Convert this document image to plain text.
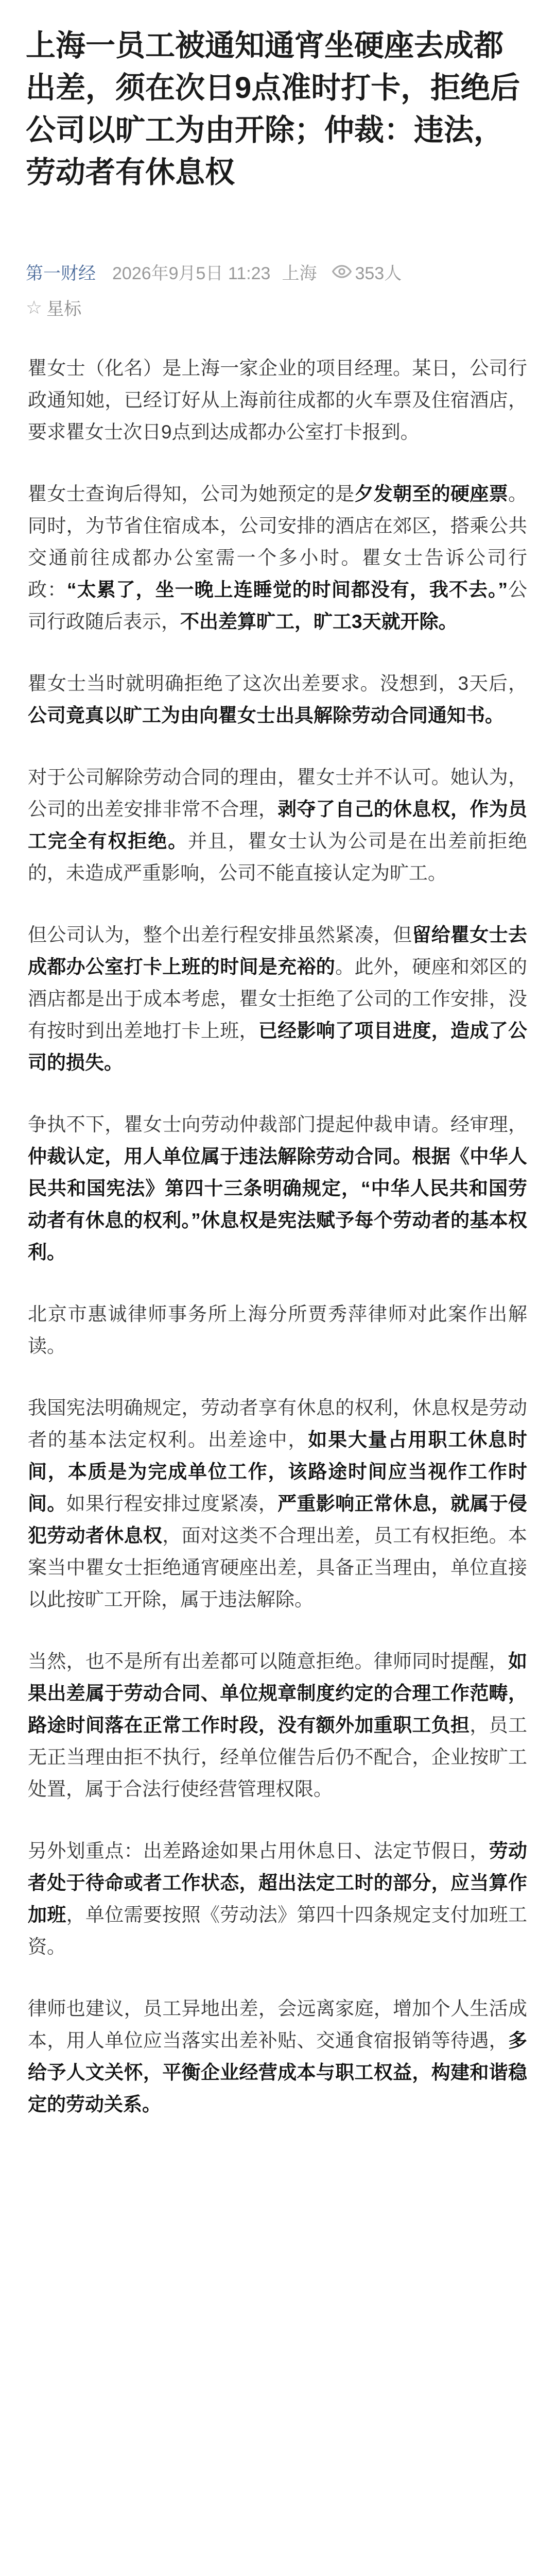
上海一员工被通知通宵坐硬座去成都出差，须在次日9点准时打卡，拒绝后公司以旷工为由开除；仲裁：违法，劳动者有休息权
第一财经 2026年9月5日 11:23 上海 353人
☆ 星标

瞿女士（化名）是上海一家企业的项目经理。某日，公司行政通知她，已经订好从上海前往成都的火车票及住宿酒店，要求瞿女士次日9点到达成都办公室打卡报到。

瞿女士查询后得知，公司为她预定的是夕发朝至的硬座票。同时，为节省住宿成本，公司安排的酒店在郊区，搭乘公共交通前往成都办公室需一个多小时。瞿女士告诉公司行政：“太累了，坐一晚上连睡觉的时间都没有，我不去。”公司行政随后表示，不出差算旷工，旷工3天就开除。

瞿女士当时就明确拒绝了这次出差要求。没想到，3天后，公司竟真以旷工为由向瞿女士出具解除劳动合同通知书。

对于公司解除劳动合同的理由，瞿女士并不认可。她认为，公司的出差安排非常不合理，剥夺了自己的休息权，作为员工完全有权拒绝。并且，瞿女士认为公司是在出差前拒绝的，未造成严重影响，公司不能直接认定为旷工。

但公司认为，整个出差行程安排虽然紧凑，但留给瞿女士去成都办公室打卡上班的时间是充裕的。此外，硬座和郊区的酒店都是出于成本考虑，瞿女士拒绝了公司的工作安排，没有按时到出差地打卡上班，已经影响了项目进度，造成了公司的损失。

争执不下，瞿女士向劳动仲裁部门提起仲裁申请。经审理，仲裁认定，用人单位属于违法解除劳动合同。根据《中华人民共和国宪法》第四十三条明确规定，“中华人民共和国劳动者有休息的权利。”休息权是宪法赋予每个劳动者的基本权利。

北京市惠诚律师事务所上海分所贾秀萍律师对此案作出解读。

我国宪法明确规定，劳动者享有休息的权利，休息权是劳动者的基本法定权利。出差途中，如果大量占用职工休息时间，本质是为完成单位工作，该路途时间应当视作工作时间。如果行程安排过度紧凑，严重影响正常休息，就属于侵犯劳动者休息权，面对这类不合理出差，员工有权拒绝。本案当中瞿女士拒绝通宵硬座出差，具备正当理由，单位直接以此按旷工开除，属于违法解除。

当然，也不是所有出差都可以随意拒绝。律师同时提醒，如果出差属于劳动合同、单位规章制度约定的合理工作范畴，路途时间落在正常工作时段，没有额外加重职工负担，员工无正当理由拒不执行，经单位催告后仍不配合，企业按旷工处置，属于合法行使经营管理权限。

另外划重点：出差路途如果占用休息日、法定节假日，劳动者处于待命或者工作状态，超出法定工时的部分，应当算作加班，单位需要按照《劳动法》第四十四条规定支付加班工资。

律师也建议，员工异地出差，会远离家庭，增加个人生活成本，用人单位应当落实出差补贴、交通食宿报销等待遇，多给予人文关怀，平衡企业经营成本与职工权益，构建和谐稳定的劳动关系。
